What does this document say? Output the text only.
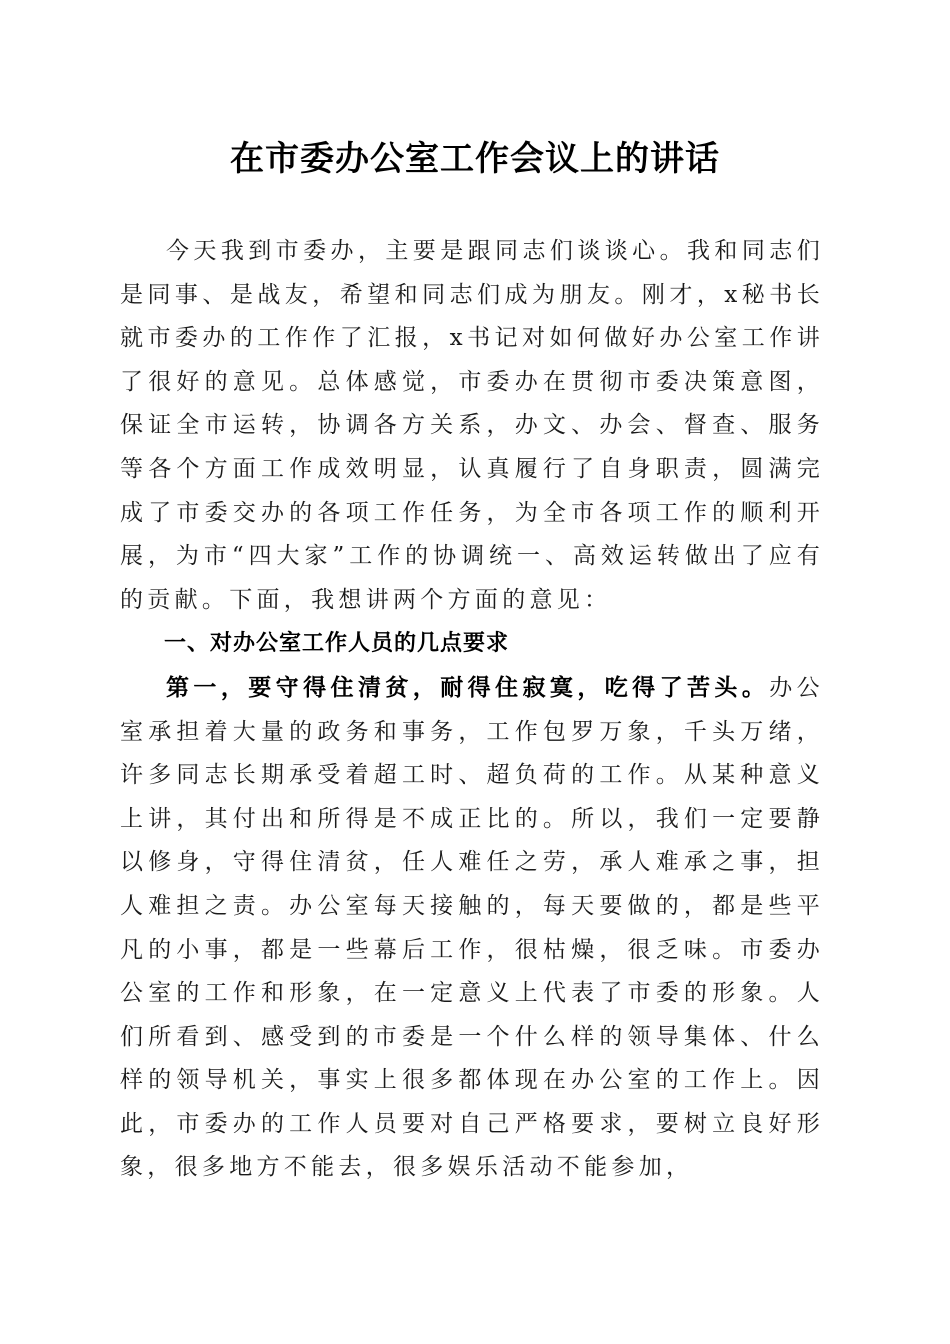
在市委办公室工作会议上的讲话

今天我到市委办，主要是跟同志们谈谈心。我和同志们是同事、是战友，希望和同志们成为朋友。刚才，x秘书长就市委办的工作作了汇报，x书记对如何做好办公室工作讲了很好的意见。总体感觉，市委办在贯彻市委决策意图，保证全市运转，协调各方关系，办文、办会、督查、服务等各个方面工作成效明显，认真履行了自身职责，圆满完成了市委交办的各项工作任务，为全市各项工作的顺利开展，为市“四大家”工作的协调统一、高效运转做出了应有的贡献。下面，我想讲两个方面的意见：

一、对办公室工作人员的几点要求

第一，要守得住清贫，耐得住寂寞，吃得了苦头。办公室承担着大量的政务和事务，工作包罗万象，千头万绪，许多同志长期承受着超工时、超负荷的工作。从某种意义上讲，其付出和所得是不成正比的。所以，我们一定要静以修身，守得住清贫，任人难任之劳，承人难承之事，担人难担之责。办公室每天接触的，每天要做的，都是些平凡的小事，都是一些幕后工作，很枯燥，很乏味。市委办公室的工作和形象，在一定意义上代表了市委的形象。人们所看到、感受到的市委是一个什么样的领导集体、什么样的领导机关，事实上很多都体现在办公室的工作上。因此，市委办的工作人员要对自己严格要求，要树立良好形象，很多地方不能去，很多娱乐活动不能参加，
